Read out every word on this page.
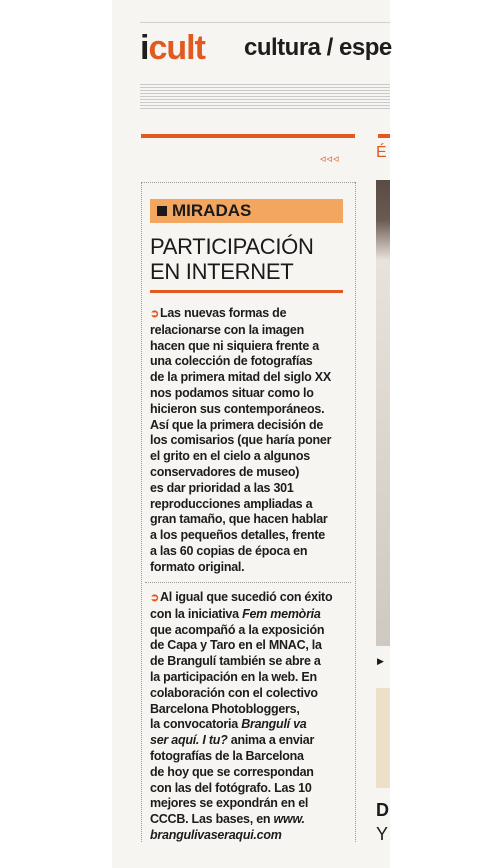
icult cultura / espe
◃◃◃
MIRADAS
PARTICIPACIÓN
EN INTERNET
➲Las nuevas formas de
relacionarse con la imagen
hacen que ni siquiera frente a
una colección de fotografías
de la primera mitad del siglo XX
nos podamos situar como lo
hicieron sus contemporáneos.
Así que la primera decisión de
los comisarios (que haría poner
el grito en el cielo a algunos
conservadores de museo)
es dar prioridad a las 301
reproducciones ampliadas a
gran tamaño, que hacen hablar
a los pequeños detalles, frente
a las 60 copias de época en
formato original.
➲Al igual que sucedió con éxito
con la iniciativa Fem memòria
que acompañó a la exposición
de Capa y Taro en el MNAC, la
de Brangulí también se abre a
la participación en la web. En
colaboración con el colectivo
Barcelona Photobloggers,
la convocatoria Brangulí va
ser aquí. I tu? anima a enviar
fotografías de la Barcelona
de hoy que se correspondan
con las del fotógrafo. Las 10
mejores se expondrán en el
CCCB. Las bases, en www.
brangulivaseraqui.com
É
▶
D
Y
